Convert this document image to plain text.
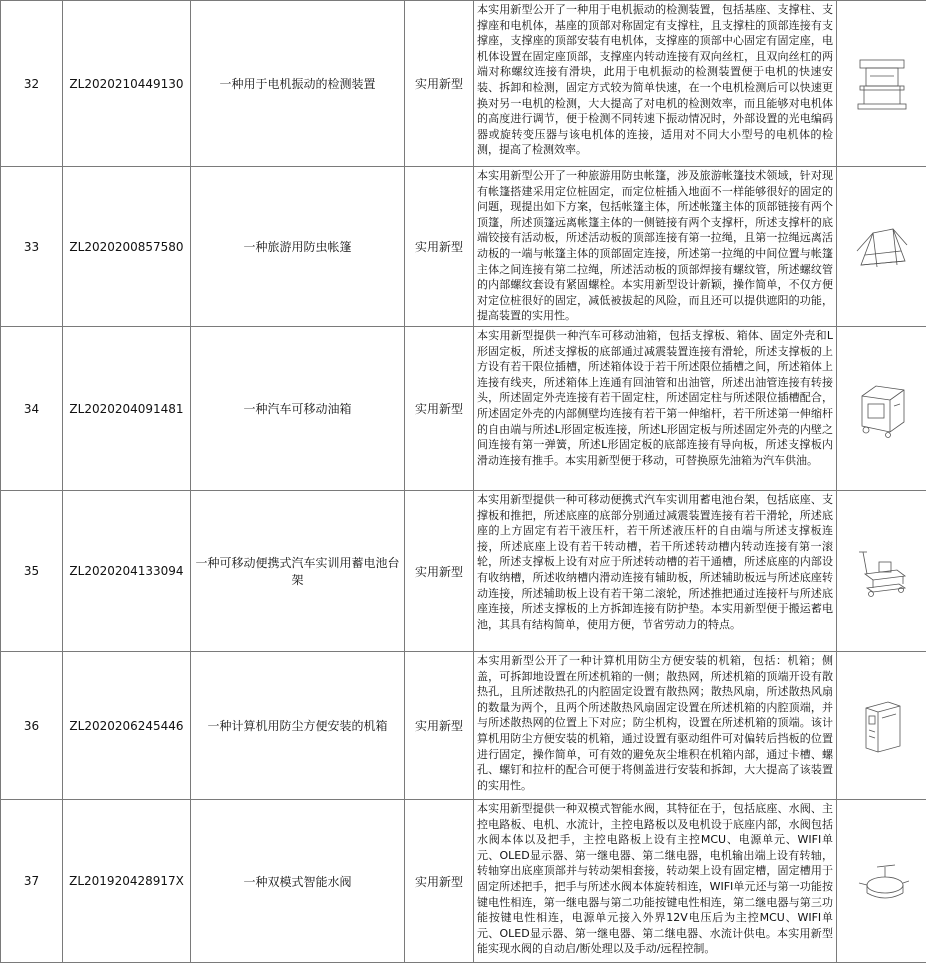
32	ZL2020210449130	一种用于电机振动的检测装置	实用新型	本实用新型公开了一种用于电机振动的检测装置，包括基座、支撑柱、支撑座和电机体，基座的顶部对称固定有支撑柱，且支撑柱的顶部连接有支撑座，支撑座的顶部安装有电机体，支撑座的顶部中心固定有固定座，电机体设置在固定座顶部，支撑座内转动连接有双向丝杠，且双向丝杠的两端对称螺纹连接有滑块，此用于电机振动的检测装置便于电机的快速安装、拆卸和检测，固定方式较为简单快速，在一个电机检测后可以快速更换对另一电机的检测，大大提高了对电机的检测效率，而且能够对电机体的高度进行调节，便于检测不同转速下振动情况时，外部设置的光电编码器或旋转变压器与该电机体的连接，适用对不同大小型号的电机体的检测，提高了检测效率。

33	ZL2020200857580	一种旅游用防虫帐篷	实用新型	本实用新型公开了一种旅游用防虫帐篷，涉及旅游帐篷技术领域，针对现有帐篷搭建采用定位桩固定，而定位桩插入地面不一样能够很好的固定的问题，现提出如下方案，包括帐篷主体，所述帐篷主体的顶部链接有两个顶篷，所述顶篷远离帐篷主体的一侧链接有两个支撑杆，所述支撑杆的底端铰接有活动板，所述活动板的顶部连接有第一拉绳，且第一拉绳远离活动板的一端与帐篷主体的顶部固定连接，所述第一拉绳的中间位置与帐篷主体之间连接有第二拉绳，所述活动板的顶部焊接有螺纹管，所述螺纹管的内部螺纹套设有紧固螺栓。本实用新型设计新颖，操作简单，不仅方便对定位桩很好的固定，减低被拔起的风险，而且还可以提供遮阳的功能，提高装置的实用性。

34	ZL2020204091481	一种汽车可移动油箱	实用新型	本实用新型提供一种汽车可移动油箱，包括支撑板、箱体、固定外壳和L形固定板，所述支撑板的底部通过减震装置连接有滑轮，所述支撑板的上方设有若干限位插槽，所述箱体设于若干所述限位插槽之间，所述箱体上连接有线夹，所述箱体上连通有回油管和出油管，所述出油管连接有转接头，所述固定外壳连接有若干固定柱，所述固定柱与所述限位插槽配合，所述固定外壳的内部侧壁均连接有若干第一伸缩杆，若干所述第一伸缩杆的自由端与所述L形固定板连接，所述L形固定板与所述固定外壳的内壁之间连接有第一弹簧，所述L形固定板的底部连接有导向板，所述支撑板内滑动连接有推手。本实用新型便于移动，可替换原先油箱为汽车供油。

35	ZL2020204133094	一种可移动便携式汽车实训用蓄电池台架	实用新型	本实用新型提供一种可移动便携式汽车实训用蓄电池台架，包括底座、支撑板和推把，所述底座的底部分别通过减震装置连接有若干滑轮，所述底座的上方固定有若干液压杆，若干所述液压杆的自由端与所述支撑板连接，所述底座上设有若干转动槽，若干所述转动槽内转动连接有第一滚轮，所述支撑板上设有对应于所述转动槽的若干通槽，所述底座的内部设有收纳槽，所述收纳槽内滑动连接有辅助板，所述辅助板远与所述底座转动连接，所述辅助板上设有若干第二滚轮，所述推把通过连接杆与所述底座连接，所述支撑板的上方拆卸连接有防护垫。本实用新型便于搬运蓄电池，其具有结构简单，使用方便，节省劳动力的特点。

36	ZL2020206245446	一种计算机用防尘方便安装的机箱	实用新型	本实用新型公开了一种计算机用防尘方便安装的机箱，包括：机箱；侧盖，可拆卸地设置在所述机箱的一侧；散热网，所述机箱的顶端开设有散热孔，且所述散热孔的内腔固定设置有散热网；散热风扇，所述散热风扇的数量为两个，且两个所述散热风扇固定设置在所述机箱的内腔顶端，并与所述散热网的位置上下对应；防尘机构，设置在所述机箱的顶端。该计算机用防尘方便安装的机箱，通过设置有驱动组件可对偏转后挡板的位置进行固定，操作简单，可有效的避免灰尘堆积在机箱内部，通过卡槽、螺孔、螺钉和拉杆的配合可便于将侧盖进行安装和拆卸，大大提高了该装置的实用性。

37	ZL201920428917X	一种双模式智能水阀	实用新型	本实用新型提供一种双模式智能水阀，其特征在于，包括底座、水阀、主控电路板、电机、水流计，主控电路板以及电机设于底座内部，水阀包括水阀本体以及把手，主控电路板上设有主控MCU、电源单元、WIFI单元、OLED显示器、第一继电器、第二继电器，电机输出端上设有转轴，转轴穿出底座顶部并与转动架相套接，转动架上设有固定槽，固定槽用于固定所述把手，把手与所述水阀本体旋转相连，WIFI单元还与第一功能按键电性相连，第一继电器与第二功能按键电性相连，第二继电器与第三功能按键电性相连，电源单元接入外界12V电压后为主控MCU、WIFI单元、OLED显示器、第一继电器、第二继电器、水流计供电。本实用新型能实现水阀的自动启/断处理以及手动/远程控制。
